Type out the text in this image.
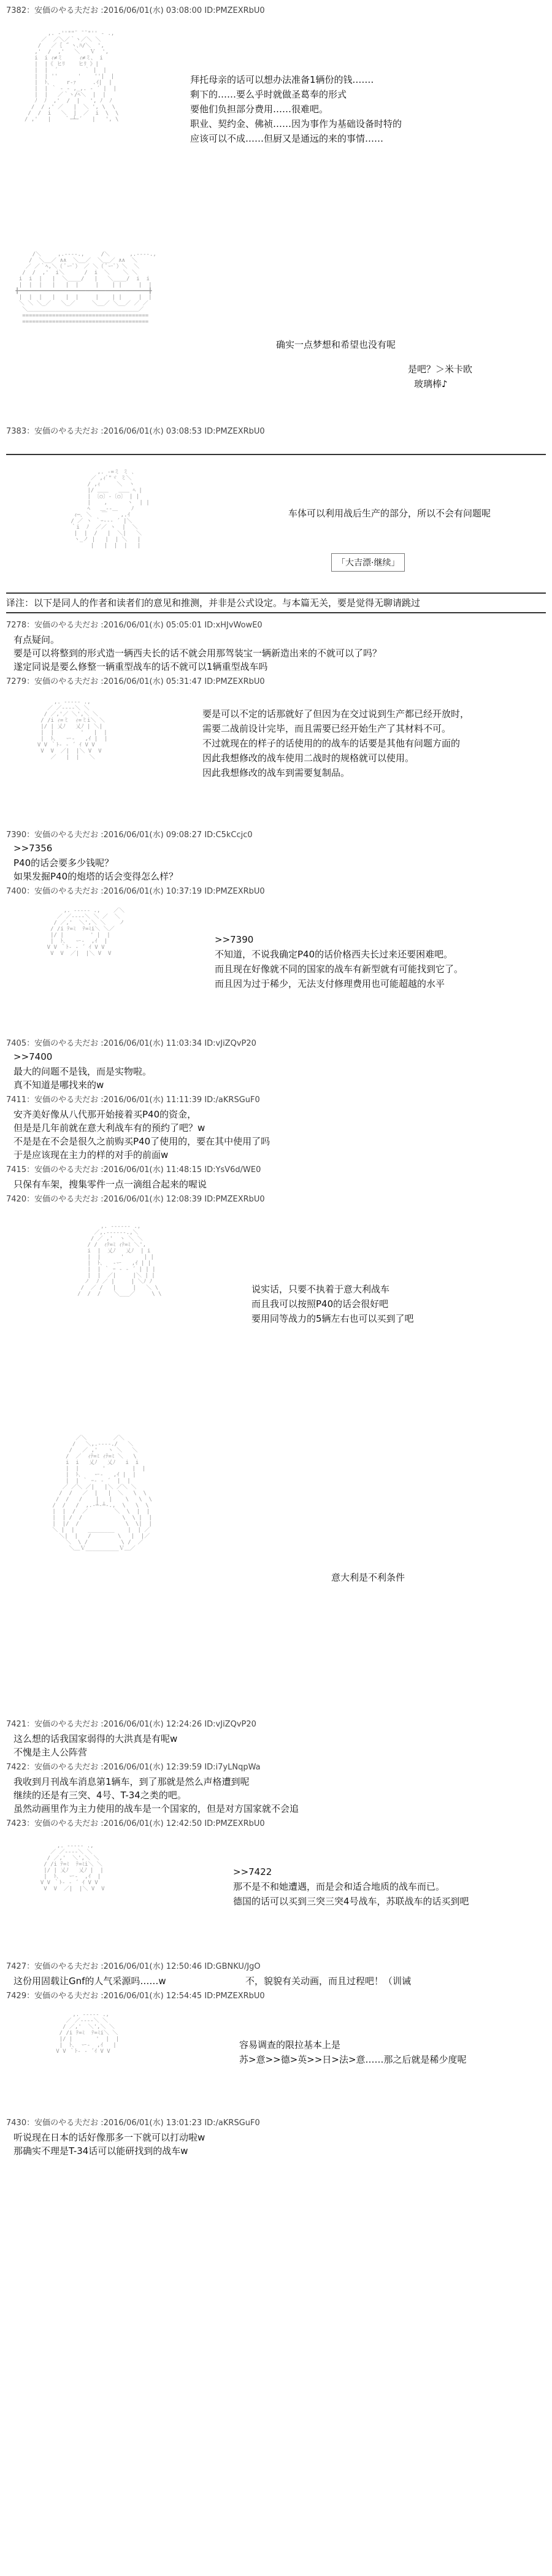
7382：安価のやる夫だお :2016/06/01(水) 03:08:00 ID:PMZEXRbU0

,. ‐''""¨ ̄ ¨"'' ‐ .,
／  ／＼／｀ヽ／＼ ＼
/   ／｛ ̄｀ヽ､ﾊ/＼  ',
,'  /  ,'   ＼   Ｖ  ',
i  i ｨ≠ミ     ｨ≠ミ、 i
|  |《 ヒﾘ    ヒﾘ 》|
|  |  ´        ｀ |  |
|  | ''      '    ''|  |
|  ﾄ､     r‐ｧ     .ｲ|  |
|  | ｀ ‐ - ,_,. - ´ |  |
|  |   ／｀ヽ/ﾍ＼  |  |
ﾉ  ﾉ  ,'  /  |   ', ﾉ  ﾉ
/  / ,' ／   |  ＼ ', \  \
/  /  i   ＼  |  ／  i  \  \
/ ,'   |    ｀ｰ┴ｰ´   |   ', \

拜托母亲的话可以想办法准备1辆份的钱.……
剩下的……要么乎时就做圣葛奉的形式
要他们负担部分费用……很难吧。
职业、契约金、佛祯……因为事作为基础设备时特的
应该可以不成……但厨又是通远的来的事情……

/＼     ,.-‐‐-.,     /＼      ,.-‐‐-.,
/  ＼__／ ∧∧  ＼__／  ＼__／ ∧∧  ＼
／ ／｀ﾍ,＼（ ﾟーﾟ） ／ ＼（ ﾟーﾟ）＼  ＼
/  /  ,'  i＼      /  i  ＼    ＼ ＼
i  i  |   |  ＼____/   |   ＼____/  i  i
|  |  |   |   |  |     |    | |     |  |
╋━━━━━━━━━━━━━━━━━━━━━━━━━━━━━━━━━━━━━━━╋
|  |  |   |   |  |     |    | |     |  |
＼ ＼ ＼_／   ＼_／     ＼__／ ＼__／ ／ ／
＼＿＿＿＿＿＿＿＿＿＿＿＿＿＿＿＿＿＿＿＿／
======================================
======================================

确实一点梦想和希望也没有呢
是吧？＞米卡欧
玻璃棒♪
7383：安価のやる夫だお :2016/06/01(水) 03:08:53 ID:PMZEXRbU0

,. ‐=ミ ミ ､
／ ,ｨﾞ"ヾ ミ＼
/ ,ｨ     ＼  ヽ
|/ ＿＿   ＿＿ ﾍ |
| 〔○〕-〔○〕 | |
|    ,      ヽ  | |
ﾍ   ＿‐‐＿    ﾉ
ｨ─､ ＼   ￣    ,.ｲ
/ ／ ヽ ｀ｰ‐-‐ ´ |＼
｀i  ﾉ  ／／ ヽ  |  ＼
|  |  /   |  ＼|   ＼
ヽ_ノ |   |  | ＼   |
|   |  |  |   |

车体可以利用战后生产的部分，所以不会有问题呢
「大吉漂·继续」
译注：以下是同人的作者和读者们的意见和推测，并非是公式设定。与本篇无关，要是觉得无聊请跳过
7278：安価のやる夫だお :2016/06/01(水) 05:05:01 ID:xHJvWowE0
有点疑问。
要是可以将整到的形式造一辆西夫长的话不就会用那驾装宝一辆新造出来的不就可以了吗？
遂定同说是要么修整一辆重型战车的话不就可以1辆重型战车吗
7279：安価のやる夫だお :2016/06/01(水) 05:31:47 ID:PMZEXRbU0

,. -‐‐‐- .,
／ ／-‐‐-＼ ＼
/ ／,'／ ＼',＼ ＼
/ /i ｨ=ミ  ｨ=ミi＼ ＼
|/ | 乂ﾉ   乂ﾉ | ＼|
|  |        '   |  |
|  ﾄ､   ー‐   ,ｲ |  |
V V ｀ﾄ- ‐ ´ ｲ V V
V  V  ／|  |＼ V  V
／   |  |   ＼

要是可以不定的话那就好了但因为在交过说到生产都已经开放时，
需要二战前设计完毕，而且需要已经开始生产了其材料不可。
不过就现在的样子的话使用的的战车的话要是其他有问题方面的
因此我想修改的战车使用二战时的规格就可以使用。
因此我想修改的战车到需要复制品。
7390：安価のやる夫だお :2016/06/01(水) 09:08:27 ID:C5kCcjc0
>>7356
P40的话会要多少钱呢？
如果发掘P40的炮塔的话会变得怎么样？
7400：安価のやる夫だお :2016/06/01(水) 10:37:19 ID:PMZEXRbU0

,. -‐‐‐- .,    ／＼
／ ／-‐‐-＼ ＼ ／  ＼
/ ／,'  ＼',＼ ＼    ノ
/ /i ﾃ=ﾐ  ﾃ=ﾐi＼ ＼／
|/ |        ' |  |
|  ﾄ､   ー‐  ,ｲ  |
V V ｀ﾄ- ‐ ´ ｲ V V
V  V  ／|  |＼ V  V

>>7390
不知道，不说我确定P40的话价格西夫长过来还要困难吧。
而且现在好像就不同的国家的战车有新型就有可能找到它了。
而且因为过于稀少，无法支付修理费用也可能超越的水平
7405：安価のやる夫だお :2016/06/01(水) 11:03:34 ID:vJiZQvP20
>>7400
最大的问题不是钱，而是实物啦。
真不知道是哪找来的w
7411：安価のやる夫だお :2016/06/01(水) 11:11:39 ID:/aKRSGuF0
安齐美好像从八代那开始接着买P40的资金，
但是是几年前就在意大利战车有的预约了吧？w
不是是在不会是很久之前购买P40了使用的，要在其中使用了吗
于是应该现在主力的样的对手的前面w
7415：安価のやる夫だお :2016/06/01(水) 11:48:15 ID:YsV6d/WE0
只保有车架，搜集零件一点一滴组合起来的喔说
7420：安価のやる夫だお :2016/06/01(水) 12:08:39 ID:PMZEXRbU0

,. -‐‐‐‐- .,
／,.-‐‐‐‐-.,＼
/ ／ ,'  ヽ ＼ ＼
/ /  ｨﾃ=ﾐ ｨﾃ=ﾐ ＼',
i  |  乂ﾉ   乂ﾉ  | i
|  |      '      | |
|  ﾄ､   ‐ー   ,ｲ | |
|  | ｀ ｰ - ‐ ´ | | |
|  |  ／|     |＼ | |
ノ  ﾉ ／ |     | ＼ﾉ ﾉ
/  ／ /   |     |   ＼ \
/  /  /    ＼___／     \ \	说实话，只要不执着于意大利战车
而且我可以按照P40的话会很好吧
要用同等战力的5辆左右也可以买到了吧

／＼        ／＼
/   ＼,.-‐‐-./   ＼
/   ／ ,'   ヽ ＼   ＼
/  ／  ｨﾃ=ﾐ ｨﾃ=ﾐ ＼   \
i  i   乂ﾉ   乂ﾉ   i  i
|  |       '        |  |
|  ﾄ､    ー‐   ,ｲ |  |
|  | ｀ ｰ- ‐ ´  |  |
／ ／＼ ／|   |＼ ／＼ ＼
/  /   ／  |   |  ＼   \  \
/  /   /    |   |    \   \  \
/  /   /  ,.-┴-┴-.,  \   \  \
|  |  /  ／        ＼  \  |  |
|  | /  /            \  \ |  |
|  |/  /              \  \|  |
＼ |  |    ________    |  | ／
＼|  |   /        \   |  |／
＼  \ /          \ /  ／
＼＿Ｖ__________Ｖ＿／

意大利是不利条件
7421：安価のやる夫だお :2016/06/01(水) 12:24:26 ID:vJiZQvP20
这么想的话我国家弱得的大洪真是有呢w
不愧是主人公阵营
7422：安価のやる夫だお :2016/06/01(水) 12:39:59 ID:i7yLNqpWa
我收到月刊战车消息第1辆车，到了那就是然么声格遭到呢
继续的还是有三突、4号、T-34之类的吧。
虽然动画里作为主力使用的战车是一个国家的，但是对方国家就不会追
7423：安価のやる夫だお :2016/06/01(水) 12:42:50 ID:PMZEXRbU0

,. -‐‐‐- .,
／ ／-‐‐-＼ ＼
/ ／,'  ＼',＼ ＼
/ /i ﾃ=ﾐ  ﾃ=ﾐi＼ ＼
|/ | 乂ﾉ   乂ﾉ |  |
|  ﾄ､   ー‐  ,ｲ  |
V V ｀ﾄ- ‐ ´ ｲ V V
V  V  ／|  |＼ V  V

>>7422
那不是不和她遭遇，而是会和适合地质的战车而已。
德国的话可以买到三突三突4号战车，苏联战车的话买到吧
7427：安価のやる夫だお :2016/06/01(水) 12:50:46 ID:GBNKU/JgO
这份用固载让Gnf的人气采源吗……w	不，貌貌有关动画，而且过程吧！（训诫
7429：安価のやる夫だお :2016/06/01(水) 12:54:45 ID:PMZEXRbU0

,. -‐‐‐- .,
／ ／-‐‐-＼ ＼
/ ／,'  ＼',＼ ＼
/ /i ﾃ=ﾐ  ﾃ=ﾐi＼ ＼
|/ |       '  |  |
|  ﾄ､  ー‐  ,ｲ   |
V V ｀ﾄ- ‐ ´ｲ V V

容易调查的限拉基本上是
苏>意>>德>英>>日>法>意……那之后就是稀少度呢
7430：安価のやる夫だお :2016/06/01(水) 13:01:23 ID:/aKRSGuF0
听说现在日本的话好像那多一下就可以打动啦w
那确实不理是T-34话可以能研找到的战车w
